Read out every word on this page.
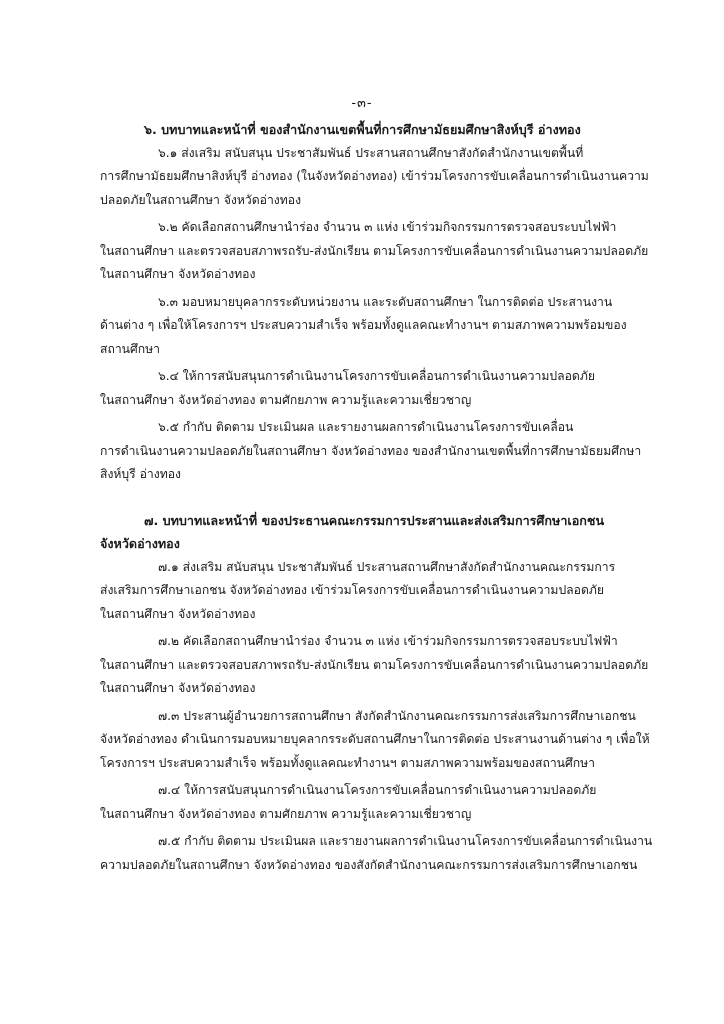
-๓-
๖. บทบาทและหน้าที่ ของสำนักงานเขตพื้นที่การศึกษามัธยมศึกษาสิงห์บุรี อ่างทอง
๖.๑ ส่งเสริม สนับสนุน ประชาสัมพันธ์ ประสานสถานศึกษาสังกัดสำนักงานเขตพื้นที่
การศึกษามัธยมศึกษาสิงห์บุรี อ่างทอง (ในจังหวัดอ่างทอง) เข้าร่วมโครงการขับเคลื่อนการดำเนินงานความ
ปลอดภัยในสถานศึกษา จังหวัดอ่างทอง
๖.๒ คัดเลือกสถานศึกษานำร่อง จำนวน ๓ แห่ง เข้าร่วมกิจกรรมการตรวจสอบระบบไฟฟ้า
ในสถานศึกษา และตรวจสอบสภาพรถรับ-ส่งนักเรียน ตามโครงการขับเคลื่อนการดำเนินงานความปลอดภัย
ในสถานศึกษา จังหวัดอ่างทอง
๖.๓ มอบหมายบุคลากรระดับหน่วยงาน และระดับสถานศึกษา ในการติดต่อ ประสานงาน
ด้านต่าง ๆ เพื่อให้โครงการฯ ประสบความสำเร็จ พร้อมทั้งดูแลคณะทำงานฯ ตามสภาพความพร้อมของ
สถานศึกษา
๖.๔ ให้การสนับสนุนการดำเนินงานโครงการขับเคลื่อนการดำเนินงานความปลอดภัย
ในสถานศึกษา จังหวัดอ่างทอง ตามศักยภาพ ความรู้และความเชี่ยวชาญ
๖.๕ กำกับ ติดตาม ประเมินผล และรายงานผลการดำเนินงานโครงการขับเคลื่อน
การดำเนินงานความปลอดภัยในสถานศึกษา จังหวัดอ่างทอง ของสำนักงานเขตพื้นที่การศึกษามัธยมศึกษา
สิงห์บุรี อ่างทอง
๗. บทบาทและหน้าที่ ของประธานคณะกรรมการประสานและส่งเสริมการศึกษาเอกชน
จังหวัดอ่างทอง
๗.๑ ส่งเสริม สนับสนุน ประชาสัมพันธ์ ประสานสถานศึกษาสังกัดสำนักงานคณะกรรมการ
ส่งเสริมการศึกษาเอกชน จังหวัดอ่างทอง เข้าร่วมโครงการขับเคลื่อนการดำเนินงานความปลอดภัย
ในสถานศึกษา จังหวัดอ่างทอง
๗.๒ คัดเลือกสถานศึกษานำร่อง จำนวน ๓ แห่ง เข้าร่วมกิจกรรมการตรวจสอบระบบไฟฟ้า
ในสถานศึกษา และตรวจสอบสภาพรถรับ-ส่งนักเรียน ตามโครงการขับเคลื่อนการดำเนินงานความปลอดภัย
ในสถานศึกษา จังหวัดอ่างทอง
๗.๓ ประสานผู้อำนวยการสถานศึกษา สังกัดสำนักงานคณะกรรมการส่งเสริมการศึกษาเอกชน
จังหวัดอ่างทอง ดำเนินการมอบหมายบุคลากรระดับสถานศึกษาในการติดต่อ ประสานงานด้านต่าง ๆ เพื่อให้
โครงการฯ ประสบความสำเร็จ พร้อมทั้งดูแลคณะทำงานฯ ตามสภาพความพร้อมของสถานศึกษา
๗.๔ ให้การสนับสนุนการดำเนินงานโครงการขับเคลื่อนการดำเนินงานความปลอดภัย
ในสถานศึกษา จังหวัดอ่างทอง ตามศักยภาพ ความรู้และความเชี่ยวชาญ
๗.๕ กำกับ ติดตาม ประเมินผล และรายงานผลการดำเนินงานโครงการขับเคลื่อนการดำเนินงาน
ความปลอดภัยในสถานศึกษา จังหวัดอ่างทอง ของสังกัดสำนักงานคณะกรรมการส่งเสริมการศึกษาเอกชน
